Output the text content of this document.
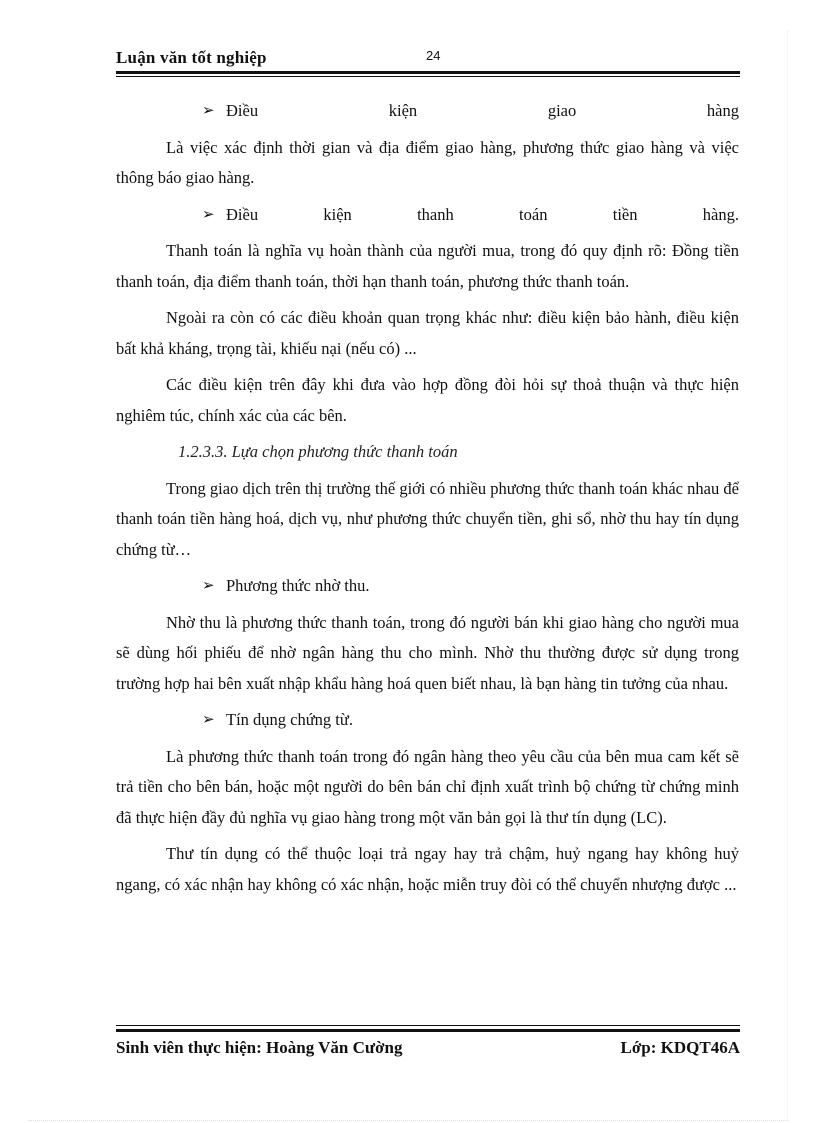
Luận văn tốt nghiệp	24
➢ Điều kiện giao hàng

Là việc xác định thời gian và địa điểm giao hàng, phương thức giao hàng và việc thông báo giao hàng.

➢ Điều kiện thanh toán tiền hàng.

Thanh toán là nghĩa vụ hoàn thành của người mua, trong đó quy định rõ: Đồng tiền thanh toán, địa điểm thanh toán, thời hạn thanh toán, phương thức thanh toán.

Ngoài ra còn có các điều khoản quan trọng khác như: điều kiện bảo hành, điều kiện bất khả kháng, trọng tài, khiếu nại (nếu có) ...

Các điều kiện trên đây khi đưa vào hợp đồng đòi hỏi sự thoả thuận và thực hiện nghiêm túc, chính xác của các bên.

1.2.3.3. Lựa chọn phương thức thanh toán

Trong giao dịch trên thị trường thế giới có nhiều phương thức thanh toán khác nhau để thanh toán tiền hàng hoá, dịch vụ, như phương thức chuyển tiền, ghi sổ, nhờ thu hay tín dụng chứng từ…

➢ Phương thức nhờ thu.

Nhờ thu là phương thức thanh toán, trong đó người bán khi giao hàng cho người mua sẽ dùng hối phiếu để nhờ ngân hàng thu cho mình. Nhờ thu thường được sử dụng trong trường hợp hai bên xuất nhập khẩu hàng hoá quen biết nhau, là bạn hàng tin tưởng của nhau.

➢ Tín dụng chứng từ.

Là phương thức thanh toán trong đó ngân hàng theo yêu cầu của bên mua cam kết sẽ trả tiền cho bên bán, hoặc một người do bên bán chỉ định xuất trình bộ chứng từ chứng minh đã thực hiện đầy đủ nghĩa vụ giao hàng trong một văn bản gọi là thư tín dụng (LC).

Thư tín dụng có thể thuộc loại trả ngay hay trả chậm, huỷ ngang hay không huỷ ngang, có xác nhận hay không có xác nhận, hoặc miễn truy đòi có thể chuyển nhượng được ...

Sinh viên thực hiện: Hoàng Văn Cường	Lớp: KDQT46A
